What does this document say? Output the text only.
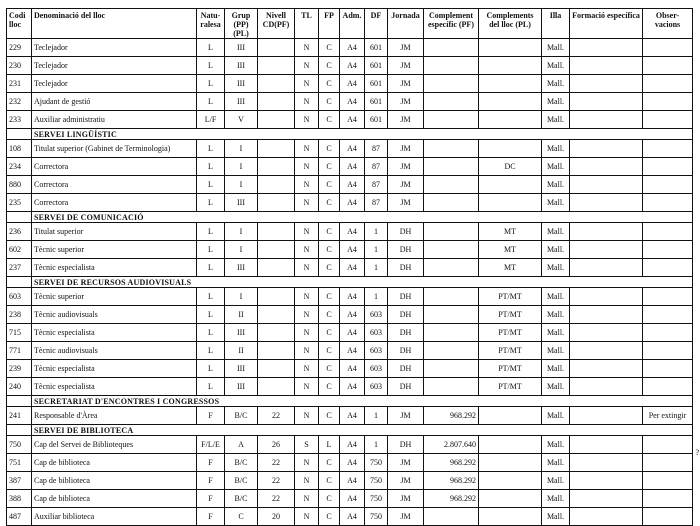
Codi lloc	Denominació del lloc	Natu-ralesa	Grup (PP)(PL)	Nivell CD(PF)	TL	FP	Adm.	DF	Jornada	Complement específic (PF)	Complements del lloc (PL)	Illa	Formació específica	Obser-vacions
229	Teclejador	L	III		N	C	A4	601	JM			Mall.		
230	Teclejador	L	III		N	C	A4	601	JM			Mall.		
231	Teclejador	L	III		N	C	A4	601	JM			Mall.		
232	Ajudant de gestió	L	III		N	C	A4	601	JM			Mall.		
233	Auxiliar administratiu	L/F	V		N	C	A4	601	JM			Mall.		
	SERVEI LINGÜÍSTIC													
108	Titulat superior (Gabinet de Terminologia)	L	I		N	C	A4	87	JM			Mall.		
234	Correctora	L	I		N	C	A4	87	JM		DC	Mall.		
880	Correctora	L	I		N	C	A4	87	JM			Mall.		
235	Correctora	L	III		N	C	A4	87	JM			Mall.		
	SERVEI DE COMUNICACIÓ													
236	Titulat superior	L	I		N	C	A4	1	DH		MT	Mall.		
602	Tècnic superior	L	I		N	C	A4	1	DH		MT	Mall.		
237	Tècnic especialista	L	III		N	C	A4	1	DH		MT	Mall.		
	SERVEI DE RECURSOS AUDIOVISUALS													
603	Tècnic superior	L	I		N	C	A4	1	DH		PT/MT	Mall.		
238	Tècnic audiovisuals	L	II		N	C	A4	603	DH		PT/MT	Mall.		
715	Tècnic especialista	L	III		N	C	A4	603	DH		PT/MT	Mall.		
771	Tècnic audiovisuals	L	II		N	C	A4	603	DH		PT/MT	Mall.		
239	Tècnic especialista	L	III		N	C	A4	603	DH		PT/MT	Mall.		
240	Tècnic especialista	L	III		N	C	A4	603	DH		PT/MT	Mall.		
	SECRETARIAT D'ENCONTRES I CONGRESSOS													
241	Responsable d'Àrea	F	B/C	22	N	C	A4	1	JM	968.292		Mall.		Per extingir
	SERVEI DE BIBLIOTECA													
750	Cap del Servei de Biblioteques	F/L/E	A	26	S	L	A4	1	DH	2.807.640		Mall.		
751	Cap de biblioteca	F	B/C	22	N	C	A4	750	JM	968.292		Mall.		
387	Cap de biblioteca	F	B/C	22	N	C	A4	750	JM	968.292		Mall.		
388	Cap de biblioteca	F	B/C	22	N	C	A4	750	JM	968.292		Mall.		
487	Auxiliar biblioteca	F	C	20	N	C	A4	750	JM			Mall.		
?
